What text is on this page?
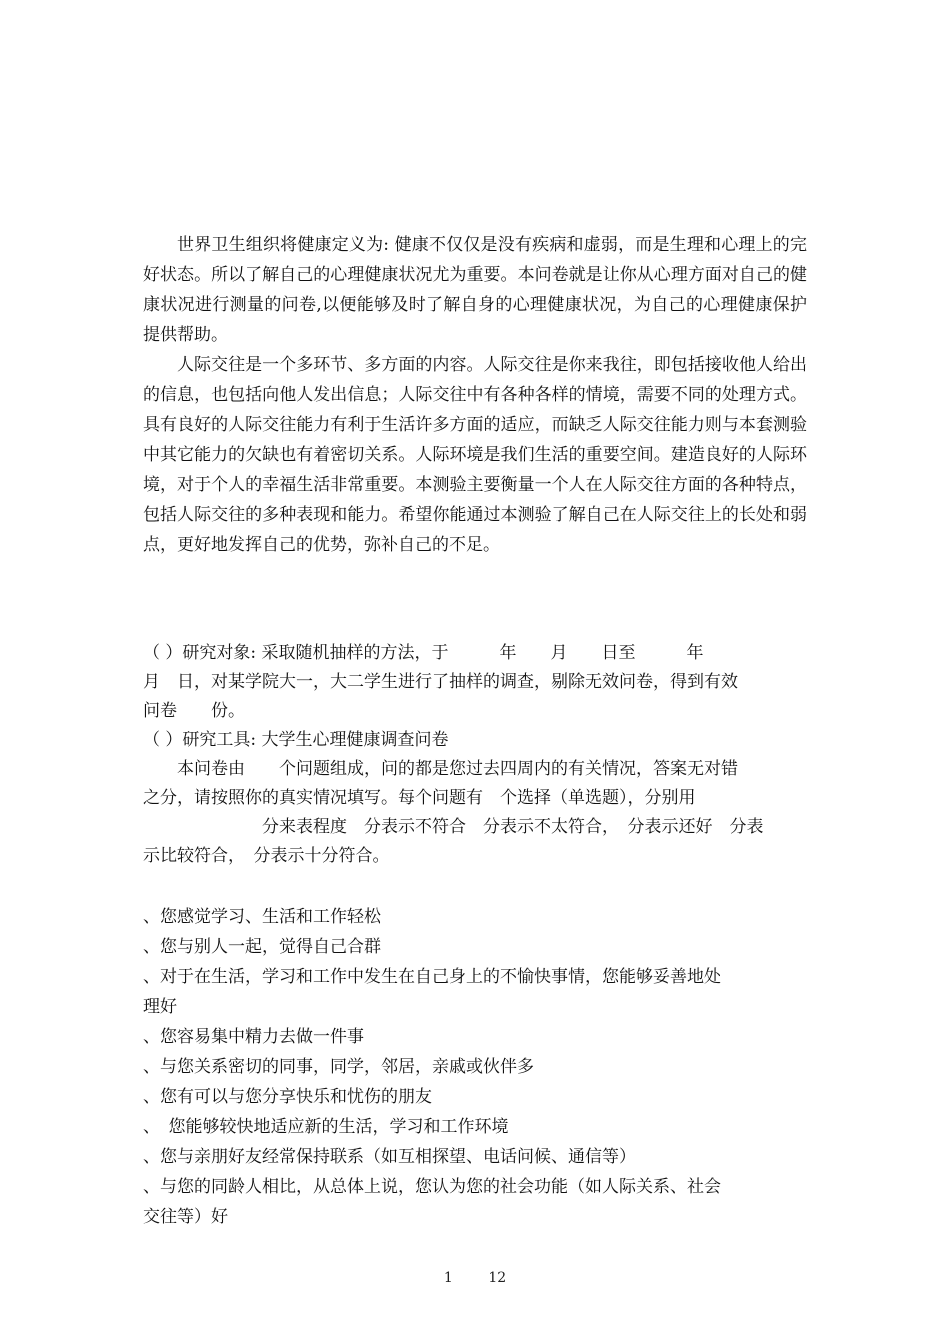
世界卫生组织将健康定义为: 健康不仅仅是没有疾病和虚弱，而是生理和心理上的完好状态。所以了解自己的心理健康状况尤为重要。本问卷就是让你从心理方面对自己的健康状况进行测量的问卷,以便能够及时了解自身的心理健康状况，为自己的心理健康保护提供帮助。

人际交往是一个多环节、多方面的内容。人际交往是你来我往，即包括接收他人给出的信息，也包括向他人发出信息；人际交往中有各种各样的情境，需要不同的处理方式。具有良好的人际交往能力有利于生活许多方面的适应，而缺乏人际交往能力则与本套测验中其它能力的欠缺也有着密切关系。人际环境是我们生活的重要空间。建造良好的人际环境，对于个人的幸福生活非常重要。本测验主要衡量一个人在人际交往方面的各种特点，包括人际交往的多种表现和能力。希望你能通过本测验了解自己在人际交往上的长处和弱点，更好地发挥自己的优势，弥补自己的不足。

（ ）研究对象: 采取随机抽样的方法，于　　　年　　月　　日至　　　年

月　日，对某学院大一，大二学生进行了抽样的调查，剔除无效问卷，得到有效

问卷　　份。

（ ）研究工具: 大学生心理健康调查问卷

本问卷由　　个问题组成，问的都是您过去四周内的有关情况，答案无对错

之分，请按照你的真实情况填写。每个问题有　个选择（单选题），分别用

　　　　　　　分来表程度　分表示不符合　分表示不太符合，　分表示还好　分表

示比较符合，　分表示十分符合。

、您感觉学习、生活和工作轻松

、您与别人一起，觉得自己合群

、对于在生活，学习和工作中发生在自己身上的不愉快事情，您能够妥善地处

理好

、您容易集中精力去做一件事

、与您关系密切的同事，同学，邻居，亲戚或伙伴多

、您有可以与您分享快乐和忧伤的朋友

、　您能够较快地适应新的生活，学习和工作环境

、您与亲朋好友经常保持联系（如互相探望、电话问候、通信等）

、与您的同龄人相比，从总体上说，您认为您的社会功能（如人际关系、社会

交往等）好

1	12
